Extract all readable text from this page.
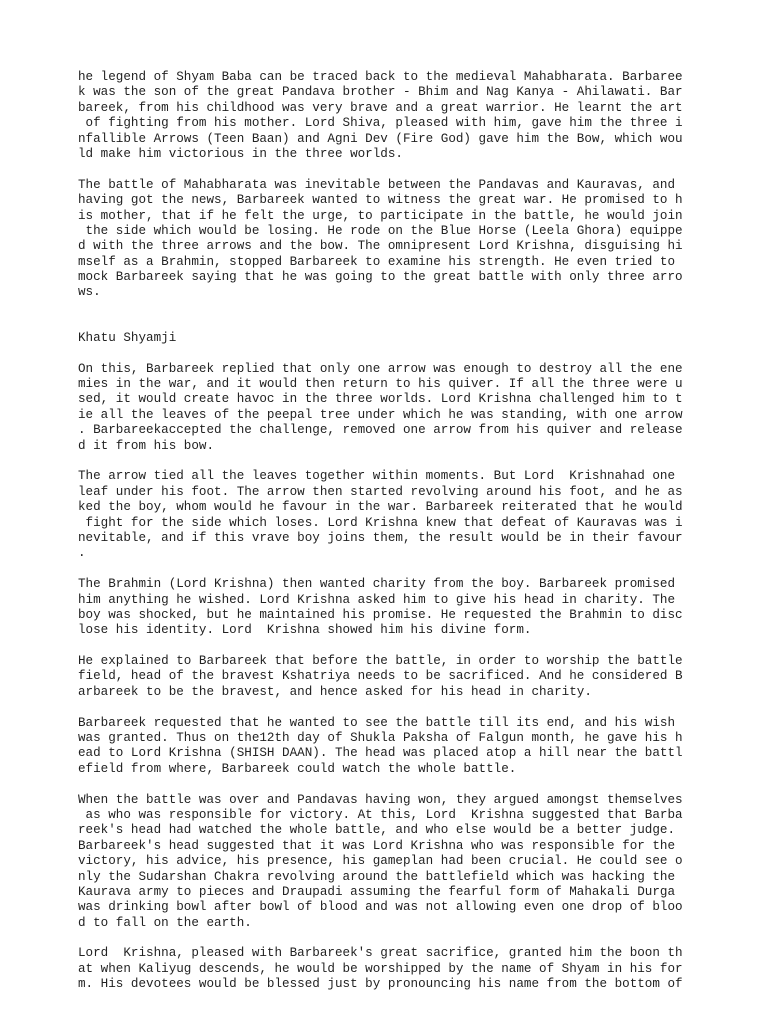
he legend of Shyam Baba can be traced back to the medieval Mahabharata. Barbaree
k was the son of the great Pandava brother - Bhim and Nag Kanya - Ahilawati. Bar
bareek, from his childhood was very brave and a great warrior. He learnt the art
of fighting from his mother. Lord Shiva, pleased with him, gave him the three i
nfallible Arrows (Teen Baan) and Agni Dev (Fire God) gave him the Bow, which wou
ld make him victorious in the three worlds.
The battle of Mahabharata was inevitable between the Pandavas and Kauravas, and
having got the news, Barbareek wanted to witness the great war. He promised to h
is mother, that if he felt the urge, to participate in the battle, he would join
the side which would be losing. He rode on the Blue Horse (Leela Ghora) equippe
d with the three arrows and the bow. The omnipresent Lord Krishna, disguising hi
mself as a Brahmin, stopped Barbareek to examine his strength. He even tried to
mock Barbareek saying that he was going to the great battle with only three arro
ws.
Khatu Shyamji
On this, Barbareek replied that only one arrow was enough to destroy all the ene
mies in the war, and it would then return to his quiver. If all the three were u
sed, it would create havoc in the three worlds. Lord Krishna challenged him to t
ie all the leaves of the peepal tree under which he was standing, with one arrow
. Barbareekaccepted the challenge, removed one arrow from his quiver and release
d it from his bow.
The arrow tied all the leaves together within moments. But Lord  Krishnahad one
leaf under his foot. The arrow then started revolving around his foot, and he as
ked the boy, whom would he favour in the war. Barbareek reiterated that he would
fight for the side which loses. Lord Krishna knew that defeat of Kauravas was i
nevitable, and if this vrave boy joins them, the result would be in their favour
.
The Brahmin (Lord Krishna) then wanted charity from the boy. Barbareek promised
him anything he wished. Lord Krishna asked him to give his head in charity. The
boy was shocked, but he maintained his promise. He requested the Brahmin to disc
lose his identity. Lord  Krishna showed him his divine form.
He explained to Barbareek that before the battle, in order to worship the battle
field, head of the bravest Kshatriya needs to be sacrificed. And he considered B
arbareek to be the bravest, and hence asked for his head in charity.
Barbareek requested that he wanted to see the battle till its end, and his wish
was granted. Thus on the12th day of Shukla Paksha of Falgun month, he gave his h
ead to Lord Krishna (SHISH DAAN). The head was placed atop a hill near the battl
efield from where, Barbareek could watch the whole battle.
When the battle was over and Pandavas having won, they argued amongst themselves
as who was responsible for victory. At this, Lord  Krishna suggested that Barba
reek's head had watched the whole battle, and who else would be a better judge.
Barbareek's head suggested that it was Lord Krishna who was responsible for the
victory, his advice, his presence, his gameplan had been crucial. He could see o
nly the Sudarshan Chakra revolving around the battlefield which was hacking the
Kaurava army to pieces and Draupadi assuming the fearful form of Mahakali Durga
was drinking bowl after bowl of blood and was not allowing even one drop of bloo
d to fall on the earth.
Lord  Krishna, pleased with Barbareek's great sacrifice, granted him the boon th
at when Kaliyug descends, he would be worshipped by the name of Shyam in his for
m. His devotees would be blessed just by pronouncing his name from the bottom of
